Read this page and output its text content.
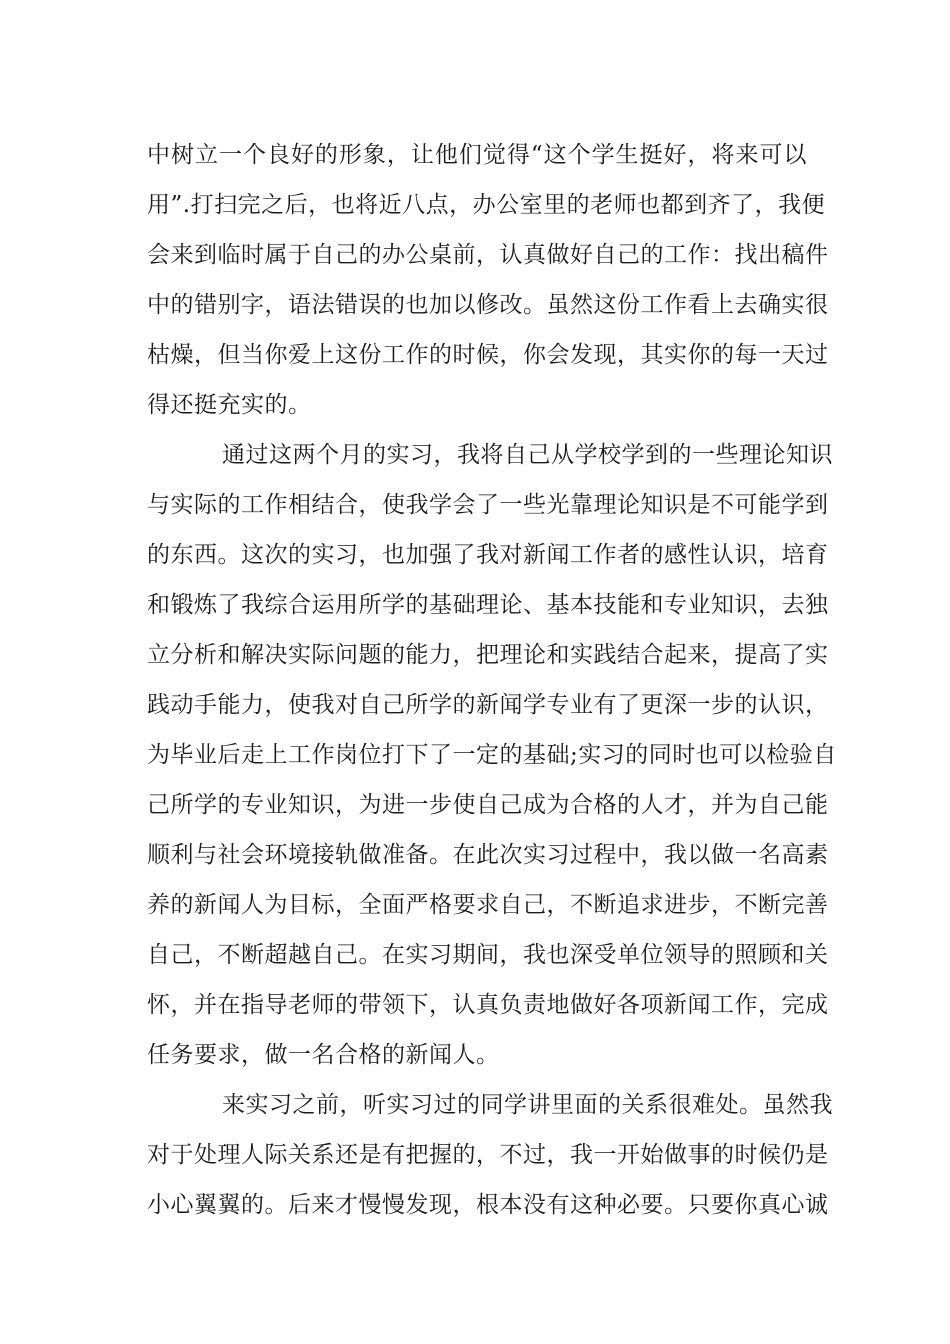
中树立一个良好的形象，让他们觉得“这个学生挺好，将来可以
用”.打扫完之后，也将近八点，办公室里的老师也都到齐了，我便
会来到临时属于自己的办公桌前，认真做好自己的工作：找出稿件
中的错别字，语法错误的也加以修改。虽然这份工作看上去确实很
枯燥，但当你爱上这份工作的时候，你会发现，其实你的每一天过
得还挺充实的。
通过这两个月的实习，我将自己从学校学到的一些理论知识
与实际的工作相结合，使我学会了一些光靠理论知识是不可能学到
的东西。这次的实习，也加强了我对新闻工作者的感性认识，培育
和锻炼了我综合运用所学的基础理论、基本技能和专业知识，去独
立分析和解决实际问题的能力，把理论和实践结合起来，提高了实
践动手能力，使我对自己所学的新闻学专业有了更深一步的认识，
为毕业后走上工作岗位打下了一定的基础;实习的同时也可以检验自
己所学的专业知识，为进一步使自己成为合格的人才，并为自己能
顺利与社会环境接轨做准备。在此次实习过程中，我以做一名高素
养的新闻人为目标，全面严格要求自己，不断追求进步，不断完善
自己，不断超越自己。在实习期间，我也深受单位领导的照顾和关
怀，并在指导老师的带领下，认真负责地做好各项新闻工作，完成
任务要求，做一名合格的新闻人。
来实习之前，听实习过的同学讲里面的关系很难处。虽然我
对于处理人际关系还是有把握的，不过，我一开始做事的时候仍是
小心翼翼的。后来才慢慢发现，根本没有这种必要。只要你真心诚
